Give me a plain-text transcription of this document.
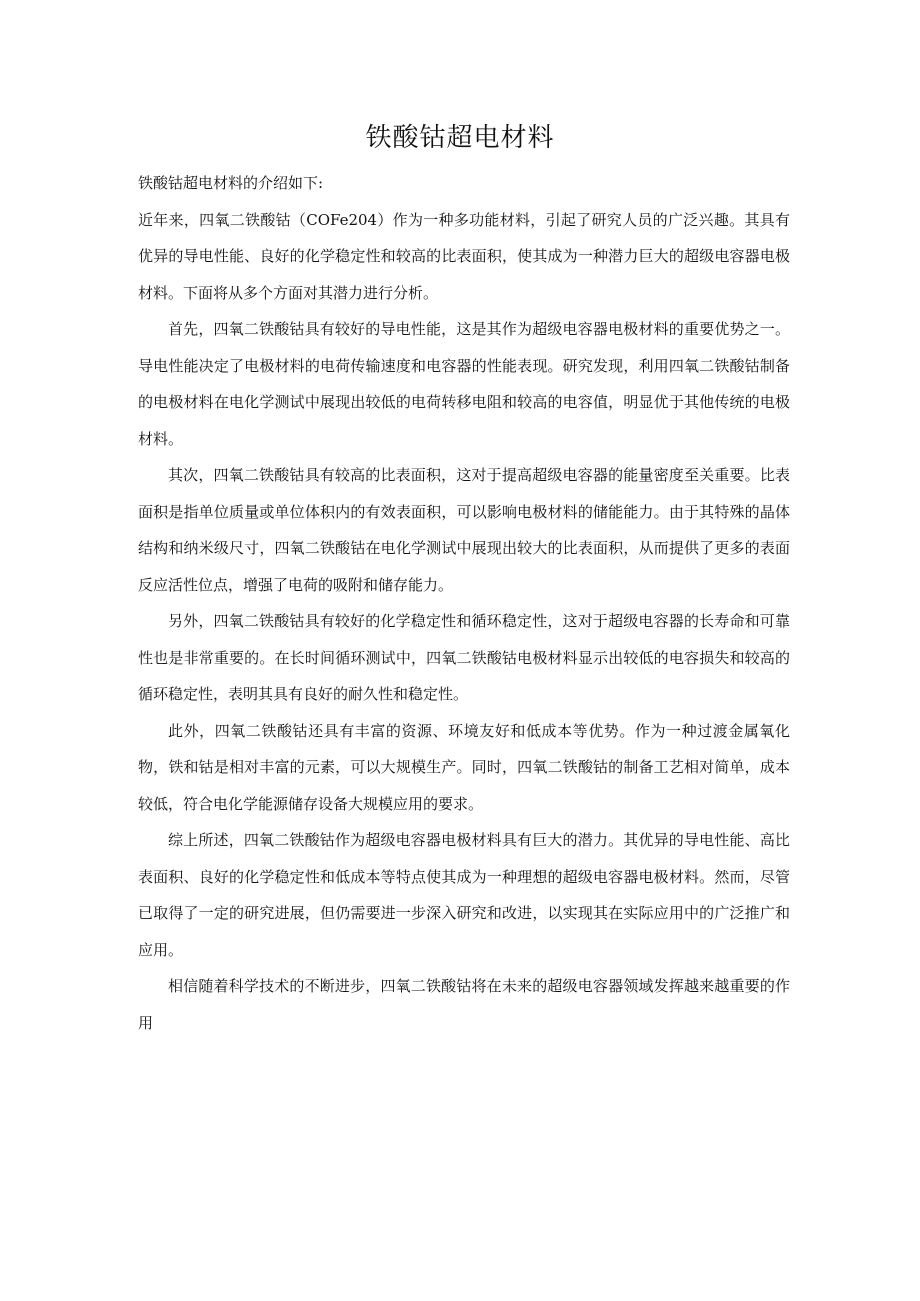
铁酸钴超电材料

铁酸钴超电材料的介绍如下:

近年来，四氧二铁酸钴（COFe204）作为一种多功能材料，引起了研究人员的广泛兴趣。其具有优异的导电性能、良好的化学稳定性和较高的比表面积，使其成为一种潜力巨大的超级电容器电极材料。下面将从多个方面对其潜力进行分析。

首先，四氧二铁酸钴具有较好的导电性能，这是其作为超级电容器电极材料的重要优势之一。导电性能决定了电极材料的电荷传输速度和电容器的性能表现。研究发现，利用四氧二铁酸钴制备的电极材料在电化学测试中展现出较低的电荷转移电阻和较高的电容值，明显优于其他传统的电极材料。

其次，四氧二铁酸钴具有较高的比表面积，这对于提高超级电容器的能量密度至关重要。比表面积是指单位质量或单位体积内的有效表面积，可以影响电极材料的储能能力。由于其特殊的晶体结构和纳米级尺寸，四氧二铁酸钴在电化学测试中展现出较大的比表面积，从而提供了更多的表面反应活性位点，增强了电荷的吸附和储存能力。

另外，四氧二铁酸钴具有较好的化学稳定性和循环稳定性，这对于超级电容器的长寿命和可靠性也是非常重要的。在长时间循环测试中，四氧二铁酸钴电极材料显示出较低的电容损失和较高的循环稳定性，表明其具有良好的耐久性和稳定性。

此外，四氧二铁酸钴还具有丰富的资源、环境友好和低成本等优势。作为一种过渡金属氧化物，铁和钴是相对丰富的元素，可以大规模生产。同时，四氧二铁酸钴的制备工艺相对简单，成本较低，符合电化学能源储存设备大规模应用的要求。

综上所述，四氧二铁酸钴作为超级电容器电极材料具有巨大的潜力。其优异的导电性能、高比表面积、良好的化学稳定性和低成本等特点使其成为一种理想的超级电容器电极材料。然而，尽管已取得了一定的研究进展，但仍需要进一步深入研究和改进，以实现其在实际应用中的广泛推广和应用。

相信随着科学技术的不断进步，四氧二铁酸钴将在未来的超级电容器领域发挥越来越重要的作用
